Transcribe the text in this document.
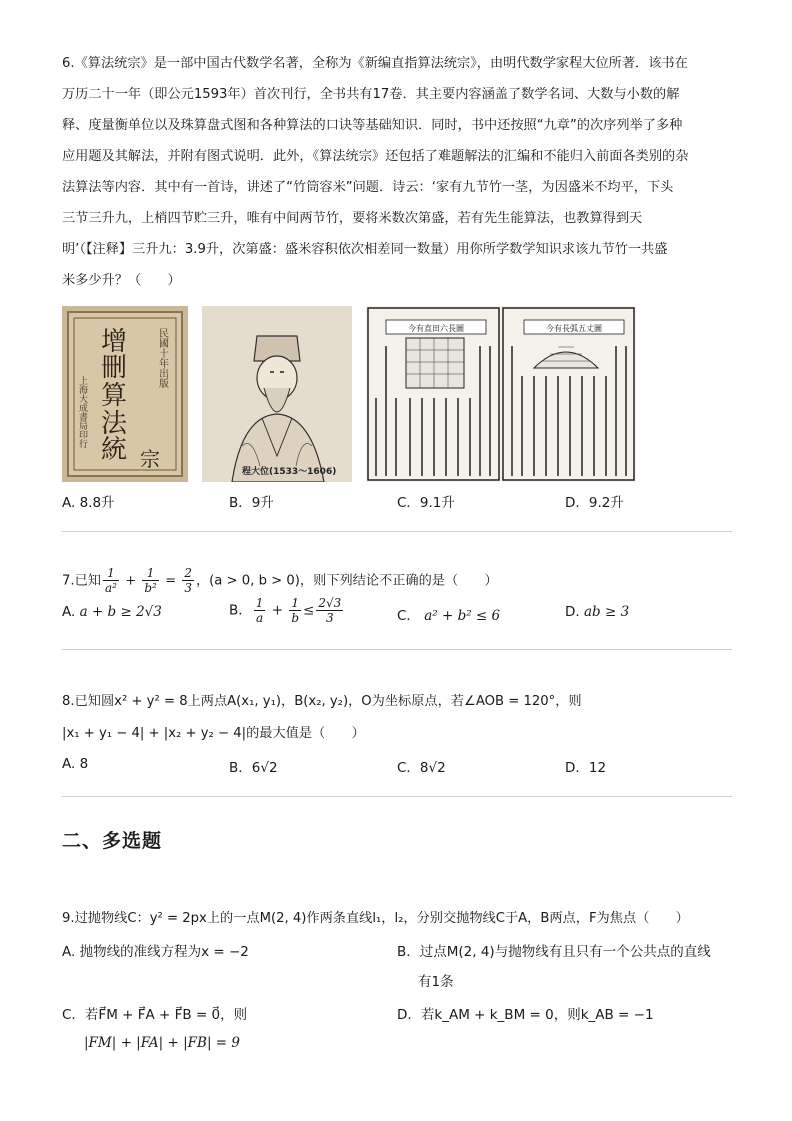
6.《算法统宗》是一部中国古代数学名著，全称为《新编直指算法统宗》，由明代数学家程大位所著．该书在
万历二十一年（即公元1593年）首次刊行，全书共有17卷．其主要内容涵盖了数学名词、大数与小数的解
释、度量衡单位以及珠算盘式图和各种算法的口诀等基础知识．同时，书中还按照“九章”的次序列举了多种
应用题及其解法，并附有图式说明．此外，《算法统宗》还包括了难题解法的汇编和不能归入前面各类别的杂
法算法等内容．其中有一首诗，讲述了“竹筒容米”问题．诗云：‘家有九节竹一茎，为因盛米不均平，下头
三节三升九，上梢四节贮三升，唯有中间两节竹，要将米数次第盛，若有先生能算法，也教算得到天
明’（【注释】三升九：3.9升，次第盛：盛米容积依次相差同一数量）用你所学数学知识求该九节竹一共盛
米多少升？（　　）
增
刪
算
法
統 宗
民國十年出版
上海大成書局印行
程大位(1533～1606)
今有直田六長圖	今有長弧五丈圖
A. 8.8升	B．9升	C．9.1升	D．9.2升
7.已知 $\frac{1}{\text{a²}} + \frac{1}{\text{b²}} = \frac{2}{3}$ ，(a > 0, b > 0)，则下列结论不正确的是（　　）
A. a + b ≥ 2√3	B． $\frac{1}{a} + \frac{1}{b} \le \frac{2√3}{3}$	C． a² + b² ≤ 6	D. ab ≥ 3
8.已知圆x² + y² = 8上两点A(x₁, y₁)，B(x₂, y₂)，O为坐标原点，若∠AOB = 120°，则
|x₁ + y₁ − 4| + |x₂ + y₂ − 4|的最大值是（　　）
A. 8	B．6√2	C．8√2	D．12
二、多选题
9.过抛物线C：y² = 2px上的一点M(2, 4)作两条直线l₁，l₂，分别交抛物线C于A，B两点，F为焦点（　　）
A. 抛物线的准线方程为x = −2	B．过点M(2, 4)与抛物线有且只有一个公共点的直线
有1条
C．若F⃗M + F⃗A + F⃗B = 0⃗，则
|FM| + |FA| + |FB| = 9
D．若k_AM + k_BM = 0，则k_AB = −1
